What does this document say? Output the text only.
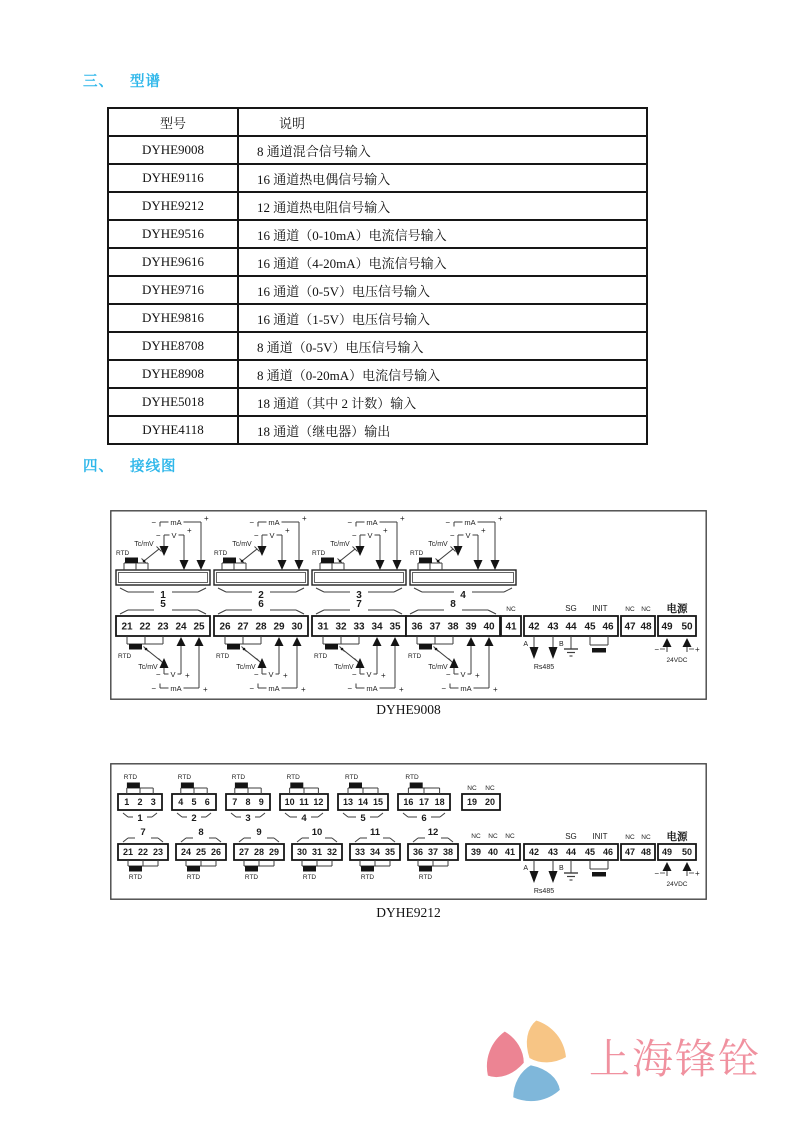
三、 型谱
型号	说明
DYHE9008	8 通道混合信号输入
DYHE9116	16 通道热电偶信号输入
DYHE9212	12 通道热电阻信号输入
DYHE9516	16 通道（0-10mA）电流信号输入
DYHE9616	16 通道（4-20mA）电流信号输入
DYHE9716	16 通道（0-5V）电压信号输入
DYHE9816	16 通道（1-5V）电压信号输入
DYHE8708	8 通道（0-5V）电压信号输入
DYHE8908	8 通道（0-20mA）电流信号输入
DYHE5018	18 通道（其中 2 计数）输入
DYHE4118	18 通道（继电器）输出
四、 接线图
1
RTD
Tc/mV
V
−
+
mA
−	+
2
RTD
Tc/mV
V
−
+
mA
−	+
3
RTD
Tc/mV
V
−
+
mA
−	+
4
RTD
Tc/mV
V
−
+
mA
−	+
5
21 22 23 24 25
RTD
Tc/mV
V
−	+
mA
−	+
6
26 27 28 29 30
RTD
Tc/mV
V
−	+
mA
−	+
7
31 32 33 34 35
RTD
Tc/mV
V
−	+
mA
−	+
8
36 37 38 39 40
RTD
Tc/mV
V
−	+
mA
−	+
NC
41
SG INIT
42 43 44 45 46
NC NC
47 48
电源
49 50
A	B
Rs485
−	+
24VDC
DYHE9008
1 2 3
RTD
1
4 5 6
RTD
2
7 8 9
RTD
3
10 11 12
RTD
4
13 14 15
RTD
5
16 17 18
RTD
6
NC NC
19 20
7
21 22 23
RTD
8
24 25 26
RTD
9
27 28 29
RTD
10
30 31 32
RTD
11
33 34 35
RTD
12
36 37 38
RTD
NC NC NC
39 40 41
SG INIT
42 43 44 45 46
NC NC
47 48
电源
49 50
A	B
Rs485
−	+
24VDC
DYHE9212
上海锋铨
